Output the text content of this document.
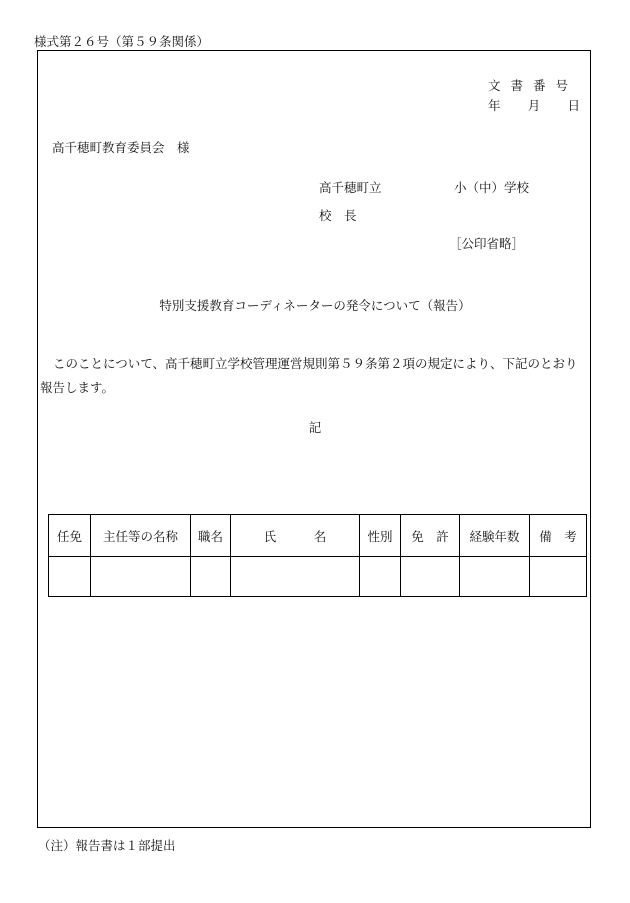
様式第２６号（第５９条関係）
文書番号
年 月 日
高千穂町教育委員会　様
高千穂町立	小（中）学校
校　長
［公印省略］
特別支援教育コーディネーターの発令について（報告）
このことについて、高千穂町立学校管理運営規則第５９条第２項の規定により、下記のとおり報告します。
記
任免	主任等の名称	職名	氏　　　名	性別	免　許	経験年数	備　考

（注）報告書は１部提出
